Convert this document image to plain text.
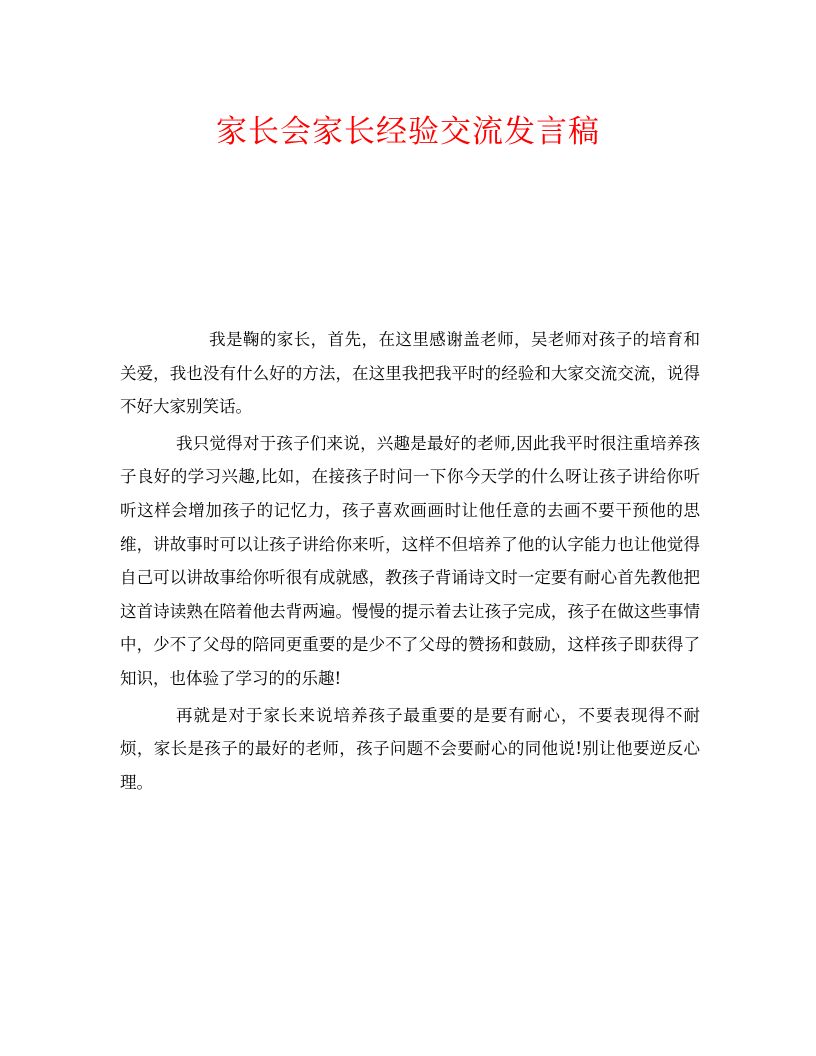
家长会家长经验交流发言稿

我是鞠的家长，首先，在这里感谢盖老师，吴老师对孩子的培育和关爱，我也没有什么好的方法，在这里我把我平时的经验和大家交流交流，说得不好大家别笑话。

我只觉得对于孩子们来说，兴趣是最好的老师,因此我平时很注重培养孩子良好的学习兴趣,比如，在接孩子时问一下你今天学的什么呀让孩子讲给你听听这样会增加孩子的记忆力，孩子喜欢画画时让他任意的去画不要干预他的思维，讲故事时可以让孩子讲给你来听，这样不但培养了他的认字能力也让他觉得自己可以讲故事给你听很有成就感，教孩子背诵诗文时一定要有耐心首先教他把这首诗读熟在陪着他去背两遍。慢慢的提示着去让孩子完成，孩子在做这些事情中，少不了父母的陪同更重要的是少不了父母的赞扬和鼓励，这样孩子即获得了知识，也体验了学习的的乐趣!

再就是对于家长来说培养孩子最重要的是要有耐心，不要表现得不耐烦，家长是孩子的最好的老师，孩子问题不会要耐心的同他说!别让他要逆反心理。
